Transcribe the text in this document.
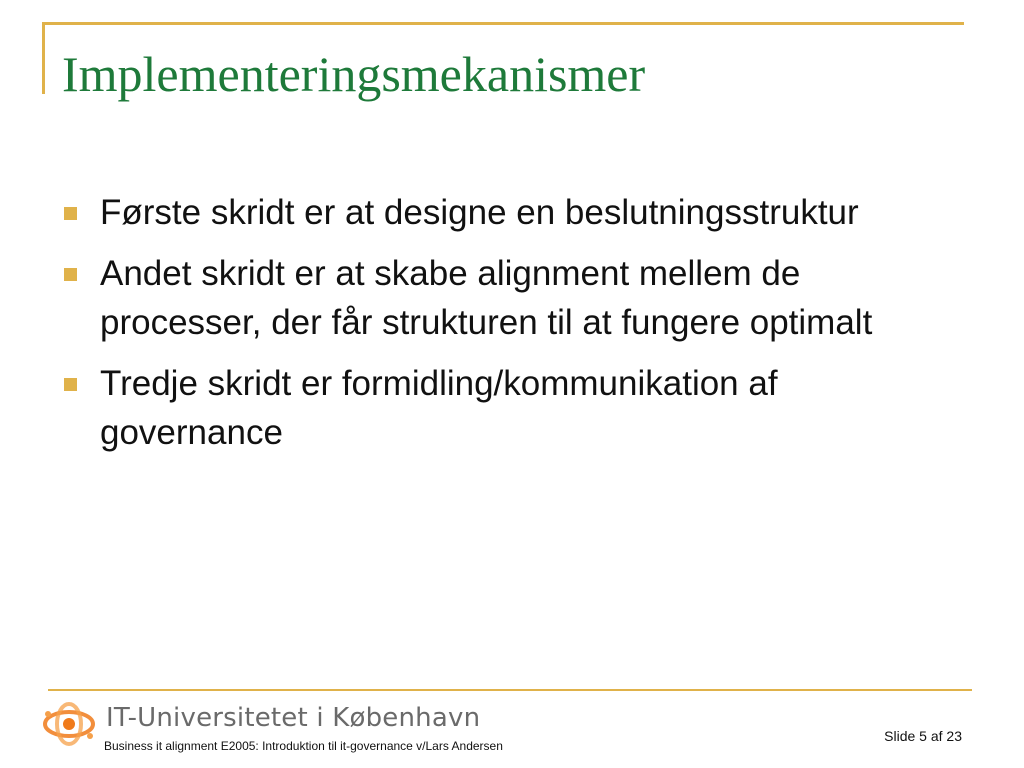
Implementeringsmekanismer
Første skridt er at designe en beslutningsstruktur
Andet skridt er at skabe alignment mellem de processer, der får strukturen til at fungere optimalt
Tredje skridt er formidling/kommunikation af governance
IT-Universitetet i København
Business it alignment E2005: Introduktion til it-governance v/Lars Andersen
Slide 5 af 23
